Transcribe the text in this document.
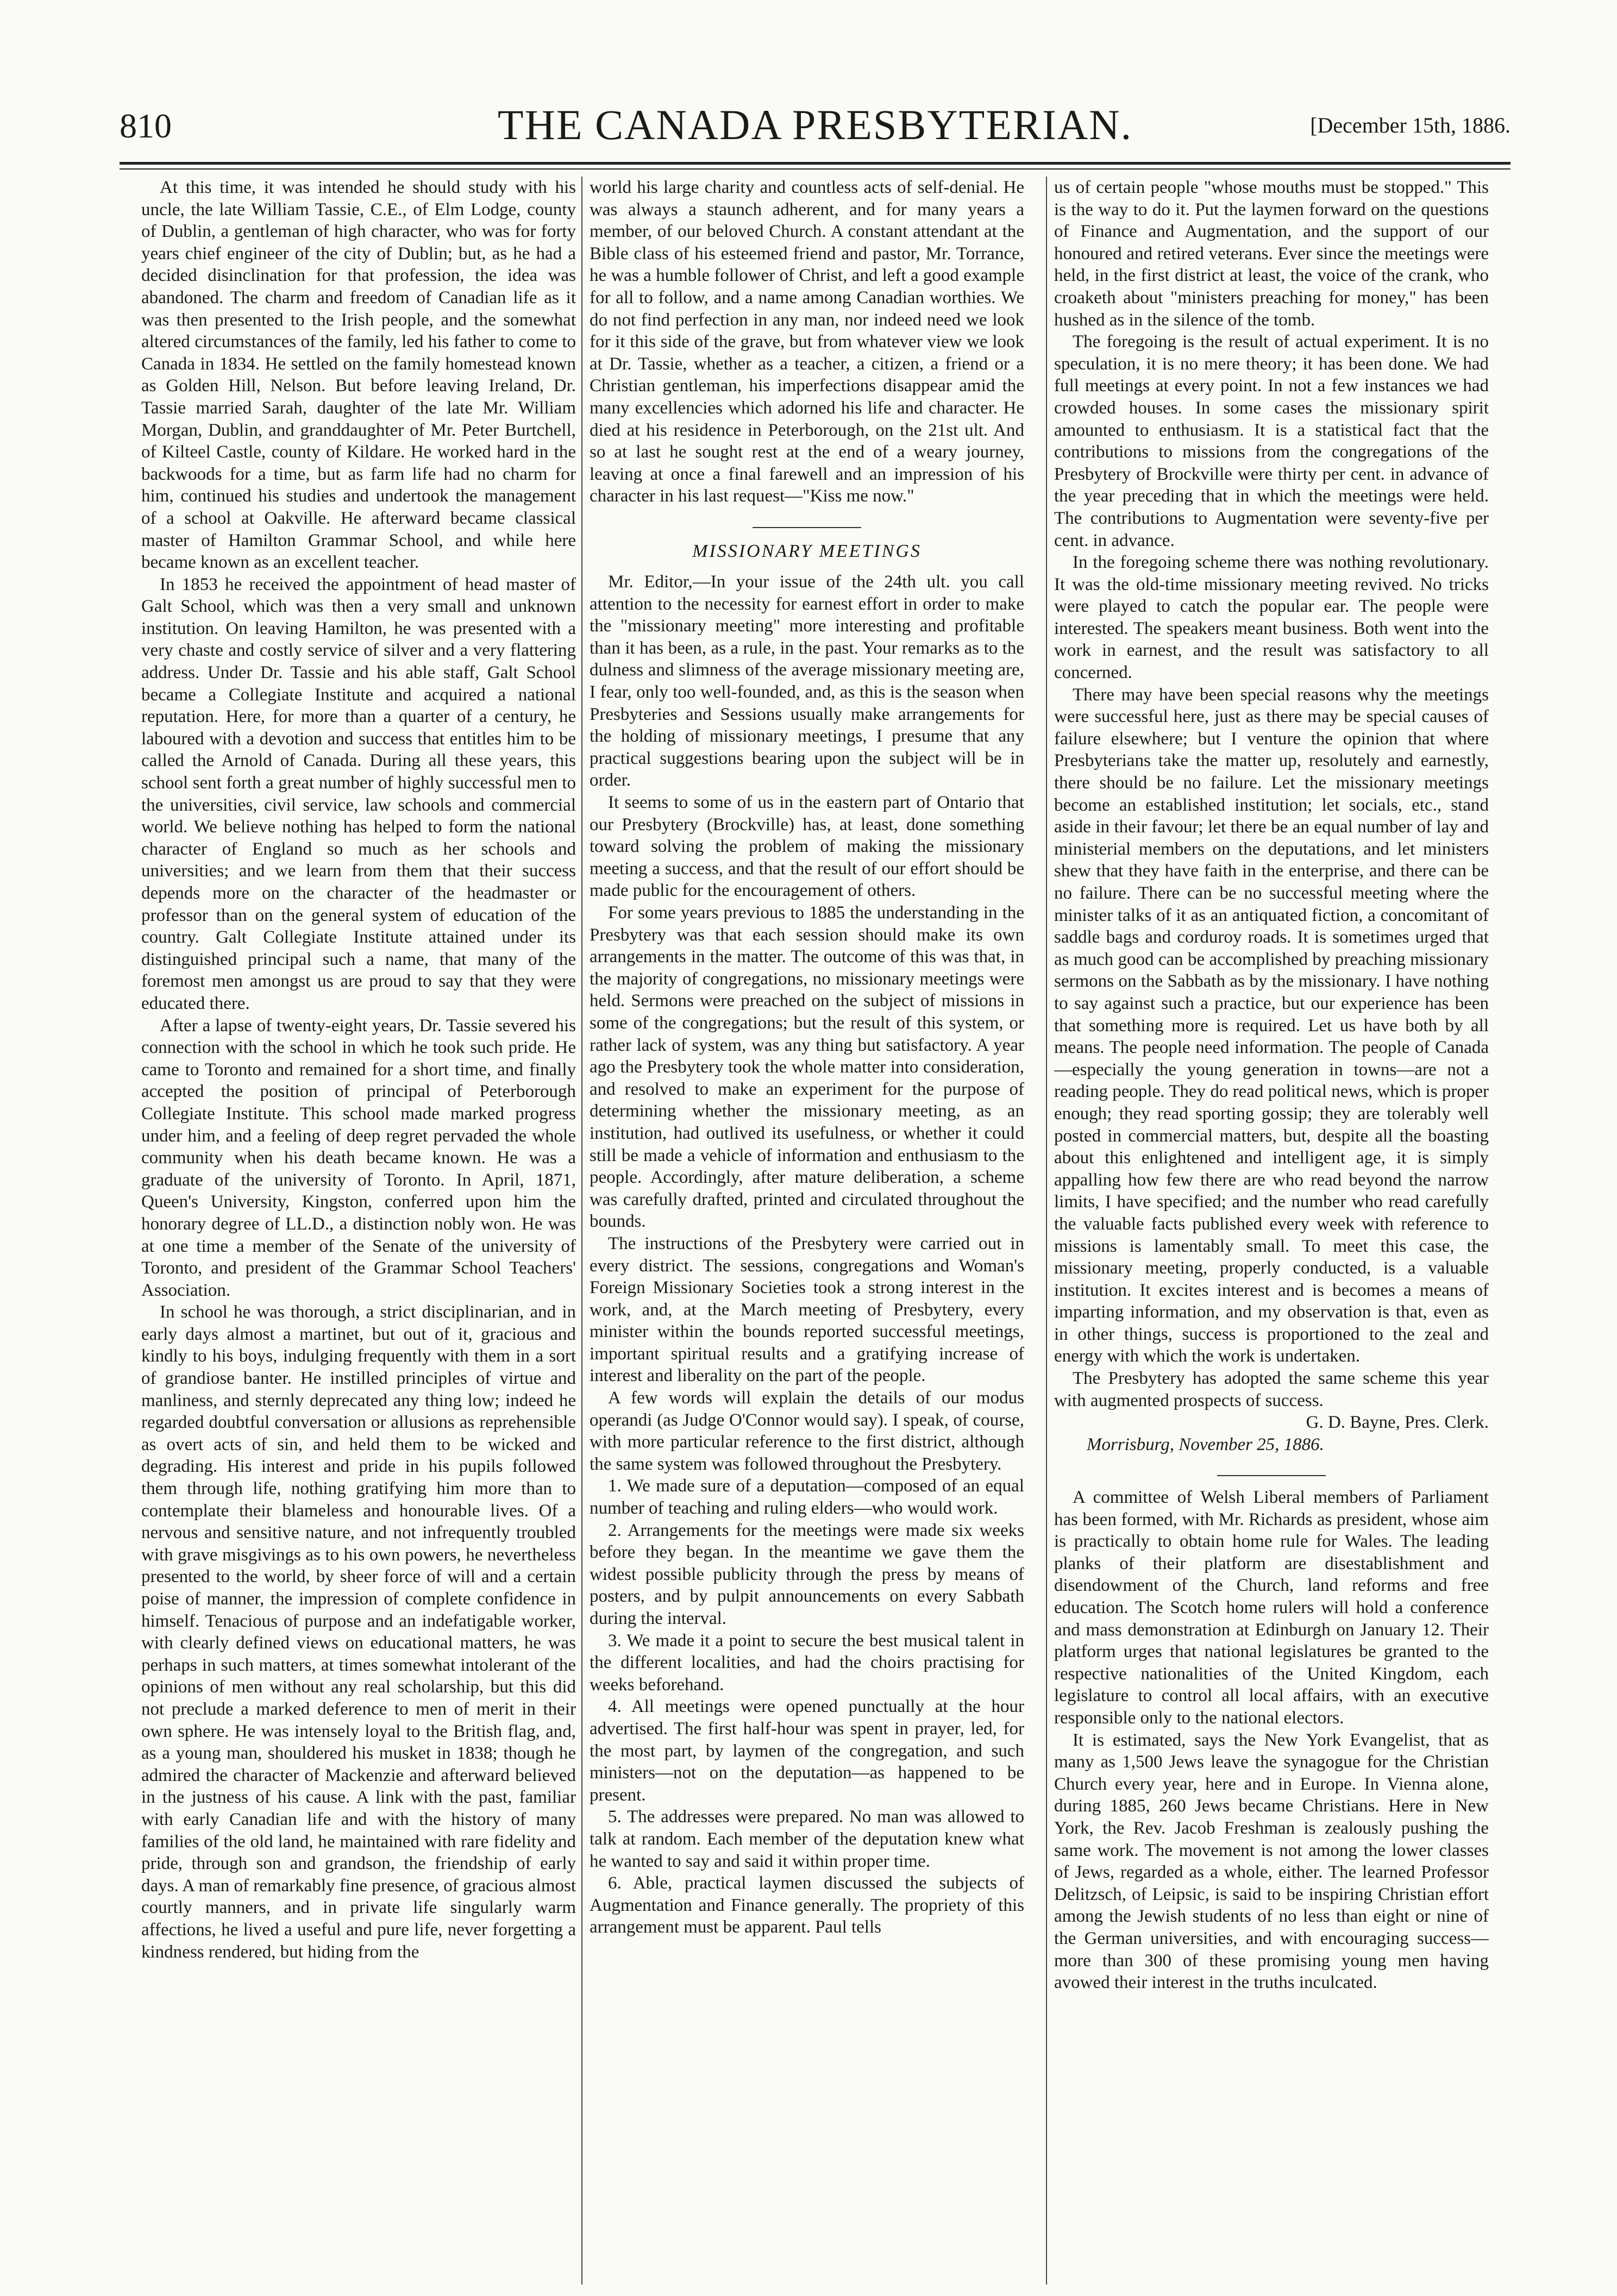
810	THE CANADA PRESBYTERIAN.	[December 15th, 1886.

At this time, it was intended he should study with his uncle, the late William Tassie, C.E., of Elm Lodge, county of Dublin, a gentleman of high character, who was for forty years chief engineer of the city of Dublin; but, as he had a decided disinclination for that profession, the idea was abandoned. The charm and freedom of Canadian life as it was then presented to the Irish people, and the somewhat altered circumstances of the family, led his father to come to Canada in 1834. He settled on the family homestead known as Golden Hill, Nelson. But before leaving Ireland, Dr. Tassie married Sarah, daughter of the late Mr. William Morgan, Dublin, and granddaughter of Mr. Peter Burtchell, of Kilteel Castle, county of Kildare. He worked hard in the backwoods for a time, but as farm life had no charm for him, continued his studies and undertook the management of a school at Oakville. He afterward became classical master of Hamilton Grammar School, and while here became known as an excellent teacher.

In 1853 he received the appointment of head master of Galt School, which was then a very small and unknown institution. On leaving Hamilton, he was presented with a very chaste and costly service of silver and a very flattering address. Under Dr. Tassie and his able staff, Galt School became a Collegiate Institute and acquired a national reputation. Here, for more than a quarter of a century, he laboured with a devotion and success that entitles him to be called the Arnold of Canada. During all these years, this school sent forth a great number of highly successful men to the universities, civil service, law schools and commercial world. We believe nothing has helped to form the national character of England so much as her schools and universities; and we learn from them that their success depends more on the character of the headmaster or professor than on the general system of education of the country. Galt Collegiate Institute attained under its distinguished principal such a name, that many of the foremost men amongst us are proud to say that they were educated there.

After a lapse of twenty-eight years, Dr. Tassie severed his connection with the school in which he took such pride. He came to Toronto and remained for a short time, and finally accepted the position of principal of Peterborough Collegiate Institute. This school made marked progress under him, and a feeling of deep regret pervaded the whole community when his death became known. He was a graduate of the university of Toronto. In April, 1871, Queen's University, Kingston, conferred upon him the honorary degree of LL.D., a distinction nobly won. He was at one time a member of the Senate of the university of Toronto, and president of the Grammar School Teachers' Association.

In school he was thorough, a strict disciplinarian, and in early days almost a martinet, but out of it, gracious and kindly to his boys, indulging frequently with them in a sort of grandiose banter. He instilled principles of virtue and manliness, and sternly deprecated any thing low; indeed he regarded doubtful conversation or allusions as reprehensible as overt acts of sin, and held them to be wicked and degrading. His interest and pride in his pupils followed them through life, nothing gratifying him more than to contemplate their blameless and honourable lives. Of a nervous and sensitive nature, and not infrequently troubled with grave misgivings as to his own powers, he nevertheless presented to the world, by sheer force of will and a certain poise of manner, the impression of complete confidence in himself. Tenacious of purpose and an indefatigable worker, with clearly defined views on educational matters, he was perhaps in such matters, at times somewhat intolerant of the opinions of men without any real scholarship, but this did not preclude a marked deference to men of merit in their own sphere. He was intensely loyal to the British flag, and, as a young man, shouldered his musket in 1838; though he admired the character of Mackenzie and afterward believed in the justness of his cause. A link with the past, familiar with early Canadian life and with the history of many families of the old land, he maintained with rare fidelity and pride, through son and grandson, the friendship of early days. A man of remarkably fine presence, of gracious almost courtly manners, and in private life singularly warm affections, he lived a useful and pure life, never forgetting a kindness rendered, but hiding from the

world his large charity and countless acts of self-denial. He was always a staunch adherent, and for many years a member, of our beloved Church. A constant attendant at the Bible class of his esteemed friend and pastor, Mr. Torrance, he was a humble follower of Christ, and left a good example for all to follow, and a name among Canadian worthies. We do not find perfection in any man, nor indeed need we look for it this side of the grave, but from whatever view we look at Dr. Tassie, whether as a teacher, a citizen, a friend or a Christian gentleman, his imperfections disappear amid the many excellencies which adorned his life and character. He died at his residence in Peterborough, on the 21st ult. And so at last he sought rest at the end of a weary journey, leaving at once a final farewell and an impression of his character in his last request—"Kiss me now."

MISSIONARY MEETINGS

Mr. Editor,—In your issue of the 24th ult. you call attention to the necessity for earnest effort in order to make the "missionary meeting" more interesting and profitable than it has been, as a rule, in the past. Your remarks as to the dulness and slimness of the average missionary meeting are, I fear, only too well-founded, and, as this is the season when Presbyteries and Sessions usually make arrangements for the holding of missionary meetings, I presume that any practical suggestions bearing upon the subject will be in order.

It seems to some of us in the eastern part of Ontario that our Presbytery (Brockville) has, at least, done something toward solving the problem of making the missionary meeting a success, and that the result of our effort should be made public for the encouragement of others.

For some years previous to 1885 the understanding in the Presbytery was that each session should make its own arrangements in the matter. The outcome of this was that, in the majority of congregations, no missionary meetings were held. Sermons were preached on the subject of missions in some of the congregations; but the result of this system, or rather lack of system, was any thing but satisfactory. A year ago the Presbytery took the whole matter into consideration, and resolved to make an experiment for the purpose of determining whether the missionary meeting, as an institution, had outlived its usefulness, or whether it could still be made a vehicle of information and enthusiasm to the people. Accordingly, after mature deliberation, a scheme was carefully drafted, printed and circulated throughout the bounds.

The instructions of the Presbytery were carried out in every district. The sessions, congregations and Woman's Foreign Missionary Societies took a strong interest in the work, and, at the March meeting of Presbytery, every minister within the bounds reported successful meetings, important spiritual results and a gratifying increase of interest and liberality on the part of the people.

A few words will explain the details of our modus operandi (as Judge O'Connor would say). I speak, of course, with more particular reference to the first district, although the same system was followed throughout the Presbytery.

1. We made sure of a deputation—composed of an equal number of teaching and ruling elders—who would work.

2. Arrangements for the meetings were made six weeks before they began. In the meantime we gave them the widest possible publicity through the press by means of posters, and by pulpit announcements on every Sabbath during the interval.

3. We made it a point to secure the best musical talent in the different localities, and had the choirs practising for weeks beforehand.

4. All meetings were opened punctually at the hour advertised. The first half-hour was spent in prayer, led, for the most part, by laymen of the congregation, and such ministers—not on the deputation—as happened to be present.

5. The addresses were prepared. No man was allowed to talk at random. Each member of the deputation knew what he wanted to say and said it within proper time.

6. Able, practical laymen discussed the subjects of Augmentation and Finance generally. The propriety of this arrangement must be apparent. Paul tells

us of certain people "whose mouths must be stopped." This is the way to do it. Put the laymen forward on the questions of Finance and Augmentation, and the support of our honoured and retired veterans. Ever since the meetings were held, in the first district at least, the voice of the crank, who croaketh about "ministers preaching for money," has been hushed as in the silence of the tomb.

The foregoing is the result of actual experiment. It is no speculation, it is no mere theory; it has been done. We had full meetings at every point. In not a few instances we had crowded houses. In some cases the missionary spirit amounted to enthusiasm. It is a statistical fact that the contributions to missions from the congregations of the Presbytery of Brockville were thirty per cent. in advance of the year preceding that in which the meetings were held. The contributions to Augmentation were seventy-five per cent. in advance.

In the foregoing scheme there was nothing revolutionary. It was the old-time missionary meeting revived. No tricks were played to catch the popular ear. The people were interested. The speakers meant business. Both went into the work in earnest, and the result was satisfactory to all concerned.

There may have been special reasons why the meetings were successful here, just as there may be special causes of failure elsewhere; but I venture the opinion that where Presbyterians take the matter up, resolutely and earnestly, there should be no failure. Let the missionary meetings become an established institution; let socials, etc., stand aside in their favour; let there be an equal number of lay and ministerial members on the deputations, and let ministers shew that they have faith in the enterprise, and there can be no failure. There can be no successful meeting where the minister talks of it as an antiquated fiction, a concomitant of saddle bags and corduroy roads. It is sometimes urged that as much good can be accomplished by preaching missionary sermons on the Sabbath as by the missionary. I have nothing to say against such a practice, but our experience has been that something more is required. Let us have both by all means. The people need information. The people of Canada—especially the young generation in towns—are not a reading people. They do read political news, which is proper enough; they read sporting gossip; they are tolerably well posted in commercial matters, but, despite all the boasting about this enlightened and intelligent age, it is simply appalling how few there are who read beyond the narrow limits, I have specified; and the number who read carefully the valuable facts published every week with reference to missions is lamentably small. To meet this case, the missionary meeting, properly conducted, is a valuable institution. It excites interest and is becomes a means of imparting information, and my observation is that, even as in other things, success is proportioned to the zeal and energy with which the work is undertaken.

The Presbytery has adopted the same scheme this year with augmented prospects of success.

G. D. Bayne, Pres. Clerk.

Morrisburg, November 25, 1886.

A committee of Welsh Liberal members of Parliament has been formed, with Mr. Richards as president, whose aim is practically to obtain home rule for Wales. The leading planks of their platform are disestablishment and disendowment of the Church, land reforms and free education. The Scotch home rulers will hold a conference and mass demonstration at Edinburgh on January 12. Their platform urges that national legislatures be granted to the respective nationalities of the United Kingdom, each legislature to control all local affairs, with an executive responsible only to the national electors.

It is estimated, says the New York Evangelist, that as many as 1,500 Jews leave the synagogue for the Christian Church every year, here and in Europe. In Vienna alone, during 1885, 260 Jews became Christians. Here in New York, the Rev. Jacob Freshman is zealously pushing the same work. The movement is not among the lower classes of Jews, regarded as a whole, either. The learned Professor Delitzsch, of Leipsic, is said to be inspiring Christian effort among the Jewish students of no less than eight or nine of the German universities, and with encouraging success—more than 300 of these promising young men having avowed their interest in the truths inculcated.
